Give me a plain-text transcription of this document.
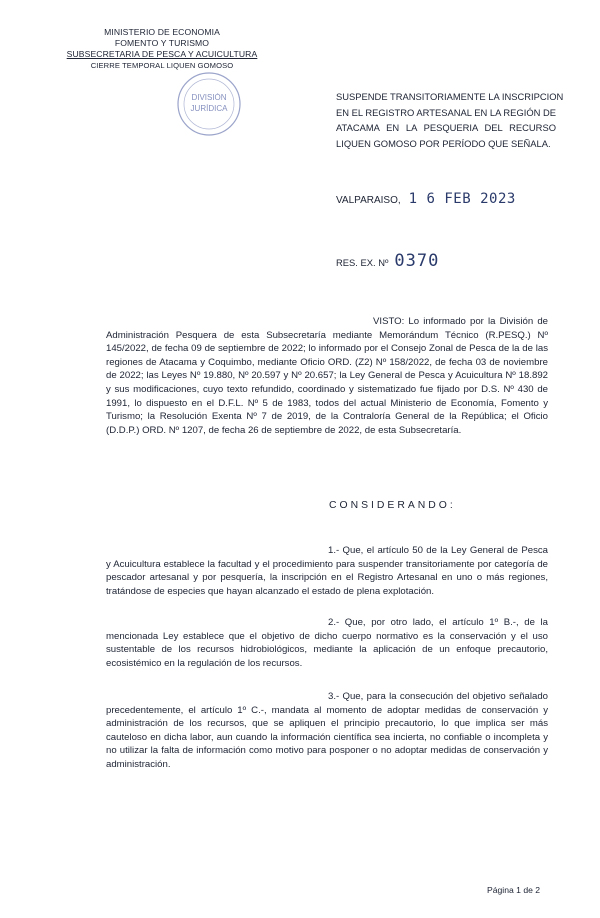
MINISTERIO DE ECONOMIA
FOMENTO Y TURISMO
SUBSECRETARIA DE PESCA Y ACUICULTURA
CIERRE TEMPORAL LIQUEN GOMOSO
DIVISIÓN
JURÍDICA
SUSPENDE TRANSITORIAMENTE LA INSCRIPCION
EN EL REGISTRO ARTESANAL EN LA REGIÓN DE
ATACAMA EN LA PESQUERIA DEL RECURSO
LIQUEN GOMOSO POR PERÍODO QUE SEÑALA.
VALPARAISO, 1 6 FEB 2023
RES. EX. Nº 0370
VISTO: Lo informado por la División de Administración Pesquera de esta Subsecretaría mediante Memorándum Técnico (R.PESQ.) Nº 145/2022, de fecha 09 de septiembre de 2022; lo informado por el Consejo Zonal de Pesca de la de las regiones de Atacama y Coquimbo, mediante Oficio ORD. (Z2) Nº 158/2022, de fecha 03 de noviembre de 2022; las Leyes Nº 19.880, Nº 20.597 y Nº 20.657; la Ley General de Pesca y Acuicultura Nº 18.892 y sus modificaciones, cuyo texto refundido, coordinado y sistematizado fue fijado por D.S. Nº 430 de 1991, lo dispuesto en el D.F.L. Nº 5 de 1983, todos del actual Ministerio de Economía, Fomento y Turismo; la Resolución Exenta Nº 7 de 2019, de la Contraloría General de la República; el Oficio (D.D.P.) ORD. Nº 1207, de fecha 26 de septiembre de 2022, de esta Subsecretaría.
CONSIDERANDO:
1.- Que, el artículo 50 de la Ley General de Pesca y Acuicultura establece la facultad y el procedimiento para suspender transitoriamente por categoría de pescador artesanal y por pesquería, la inscripción en el Registro Artesanal en uno o más regiones, tratándose de especies que hayan alcanzado el estado de plena explotación.
2.- Que, por otro lado, el artículo 1º B.-, de la mencionada Ley establece que el objetivo de dicho cuerpo normativo es la conservación y el uso sustentable de los recursos hidrobiológicos, mediante la aplicación de un enfoque precautorio, ecosistémico en la regulación de los recursos.
3.- Que, para la consecución del objetivo señalado precedentemente, el artículo 1º C.-, mandata al momento de adoptar medidas de conservación y administración de los recursos, que se apliquen el principio precautorio, lo que implica ser más cauteloso en dicha labor, aun cuando la información científica sea incierta, no confiable o incompleta y no utilizar la falta de información como motivo para posponer o no adoptar medidas de conservación y administración.
Página 1 de 2
